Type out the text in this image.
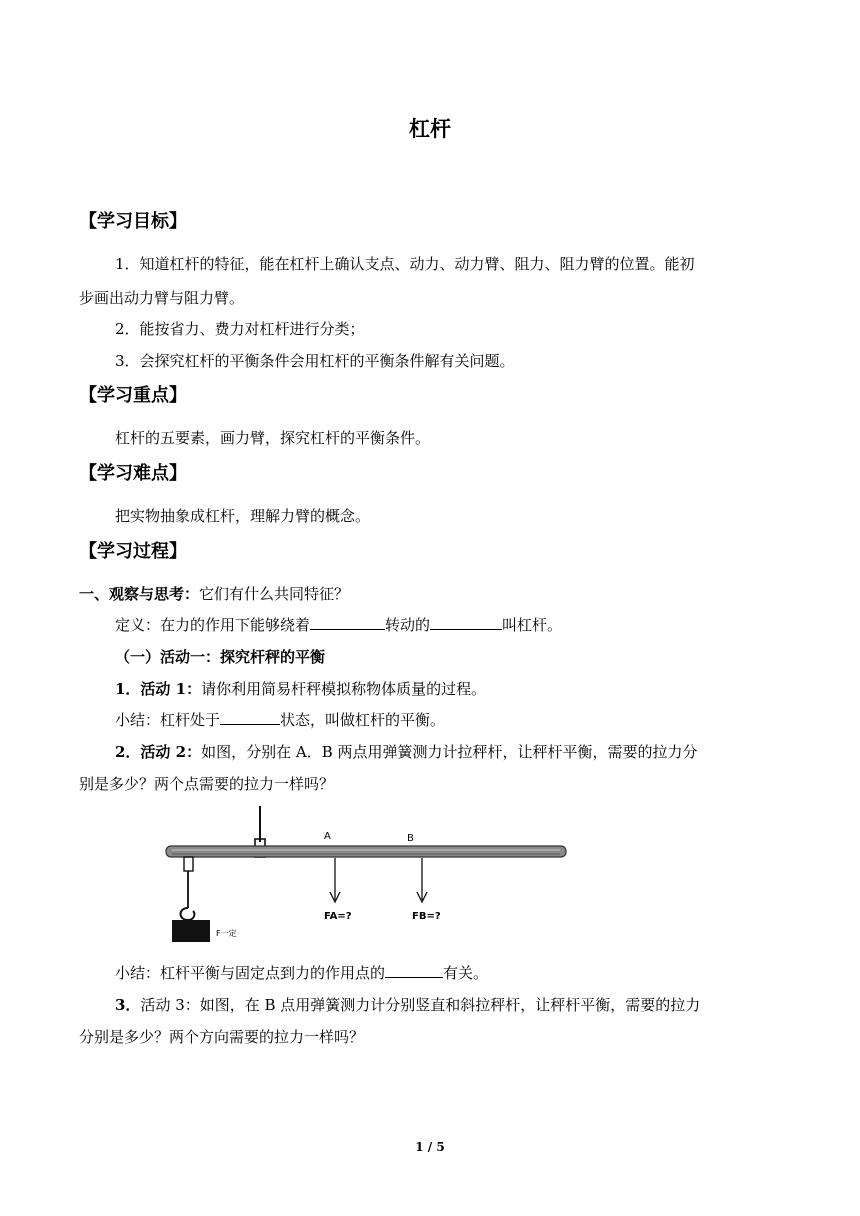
杠杆
【学习目标】
1．知道杠杆的特征，能在杠杆上确认支点、动力、动力臂、阻力、阻力臂的位置。能初
步画出动力臂与阻力臂。
2．能按省力、费力对杠杆进行分类；
3．会探究杠杆的平衡条件会用杠杆的平衡条件解有关问题。
【学习重点】
杠杆的五要素，画力臂，探究杠杆的平衡条件。
【学习难点】
把实物抽象成杠杆，理解力臂的概念。
【学习过程】
一、观察与思考：它们有什么共同特征？
定义：在力的作用下能够绕着	转动的	叫杠杆。
（一）活动一：探究杆秤的平衡
1．活动 1：请你利用简易杆秤模拟称物体质量的过程。
小结：杠杆处于	状态，叫做杠杆的平衡。
2．活动 2：如图，分别在 A．B 两点用弹簧测力计拉秤杆，让秤杆平衡，需要的拉力分
别是多少？两个点需要的拉力一样吗？
F一定
A	B
FA=?	FB=?
小结：杠杆平衡与固定点到力的作用点的	有关。
3．活动 3：如图，在 B 点用弹簧测力计分别竖直和斜拉秤杆，让秤杆平衡，需要的拉力
分别是多少？两个方向需要的拉力一样吗？
1 / 5
